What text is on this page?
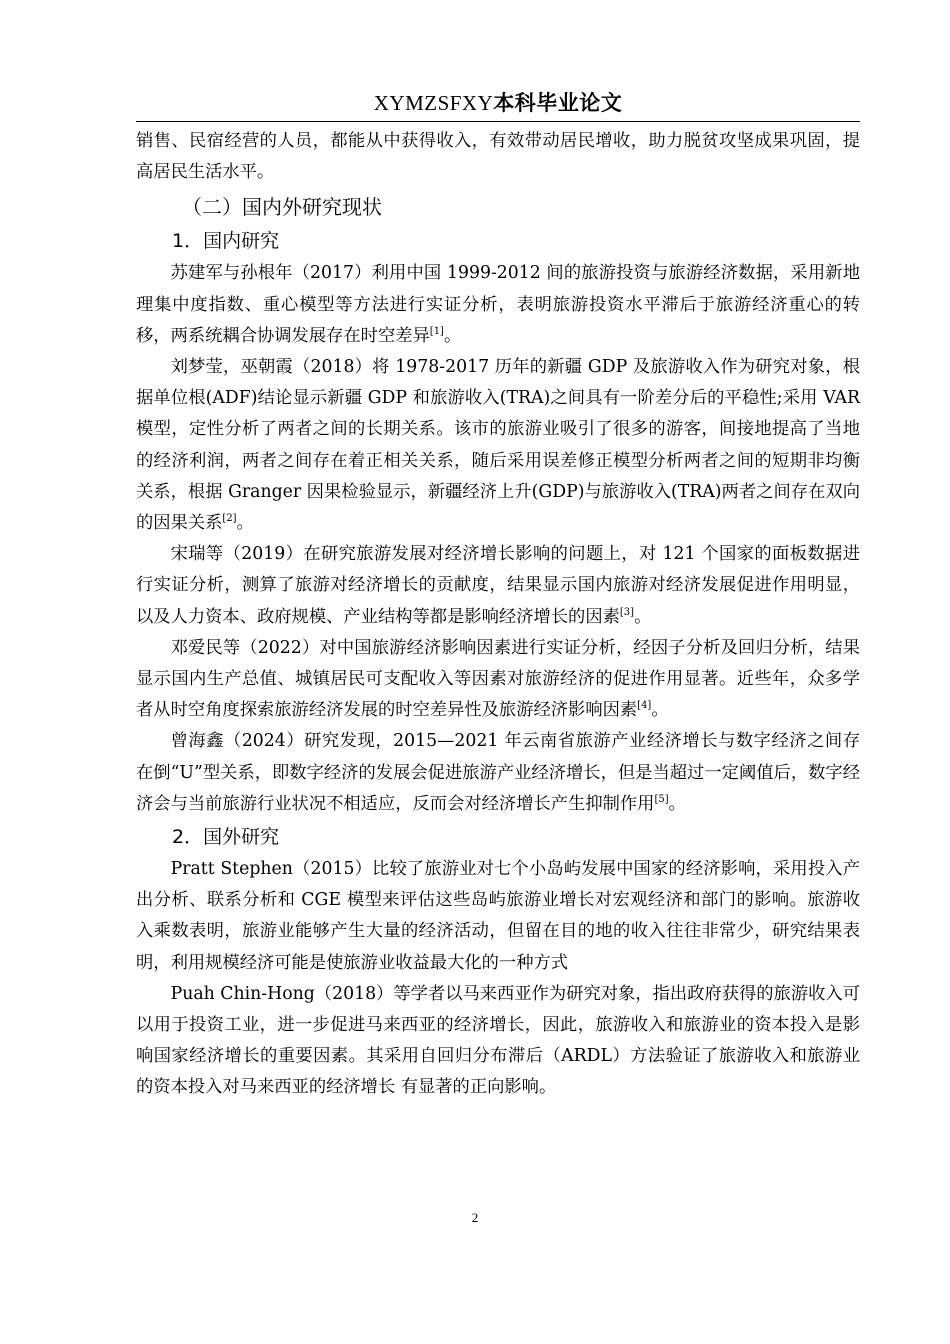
XYMZSFXY本科毕业论文

销售、民宿经营的人员，都能从中获得收入，有效带动居民增收，助力脱贫攻坚成果巩固，提高居民生活水平。

（二）国内外研究现状
1．国内研究

苏建军与孙根年（2017）利用中国 1999-2012 间的旅游投资与旅游经济数据，采用新地理集中度指数、重心模型等方法进行实证分析，表明旅游投资水平滞后于旅游经济重心的转移，两系统耦合协调发展存在时空差异[1]。

刘梦莹，巫朝霞（2018）将 1978-2017 历年的新疆 GDP 及旅游收入作为研究对象，根据单位根(ADF)结论显示新疆 GDP 和旅游收入(TRA)之间具有一阶差分后的平稳性;采用 VAR 模型，定性分析了两者之间的长期关系。该市的旅游业吸引了很多的游客，间接地提高了当地的经济利润，两者之间存在着正相关关系，随后采用误差修正模型分析两者之间的短期非均衡关系，根据 Granger 因果检验显示，新疆经济上升(GDP)与旅游收入(TRA)两者之间存在双向的因果关系[2]。

宋瑞等（2019）在研究旅游发展对经济增长影响的问题上，对 121 个国家的面板数据进行实证分析，测算了旅游对经济增长的贡献度，结果显示国内旅游对经济发展促进作用明显，以及人力资本、政府规模、产业结构等都是影响经济增长的因素[3]。

邓爱民等（2022）对中国旅游经济影响因素进行实证分析，经因子分析及回归分析，结果显示国内生产总值、城镇居民可支配收入等因素对旅游经济的促进作用显著。近些年，众多学者从时空角度探索旅游经济发展的时空差异性及旅游经济影响因素[4]。

曾海鑫（2024）研究发现，2015—2021 年云南省旅游产业经济增长与数字经济之间存在倒“U”型关系，即数字经济的发展会促进旅游产业经济增长，但是当超过一定阈值后，数字经济会与当前旅游行业状况不相适应，反而会对经济增长产生抑制作用[5]。

2．国外研究

Pratt Stephen（2015）比较了旅游业对七个小岛屿发展中国家的经济影响，采用投入产出分析、联系分析和 CGE 模型来评估这些岛屿旅游业增长对宏观经济和部门的影响。旅游收入乘数表明，旅游业能够产生大量的经济活动，但留在目的地的收入往往非常少，研究结果表明，利用规模经济可能是使旅游业收益最大化的一种方式

Puah Chin-Hong（2018）等学者以马来西亚作为研究对象，指出政府获得的旅游收入可以用于投资工业，进一步促进马来西亚的经济增长，因此，旅游收入和旅游业的资本投入是影响国家经济增长的重要因素。其采用自回归分布滞后（ARDL）方法验证了旅游收入和旅游业的资本投入对马来西亚的经济增长 有显著的正向影响。

2
